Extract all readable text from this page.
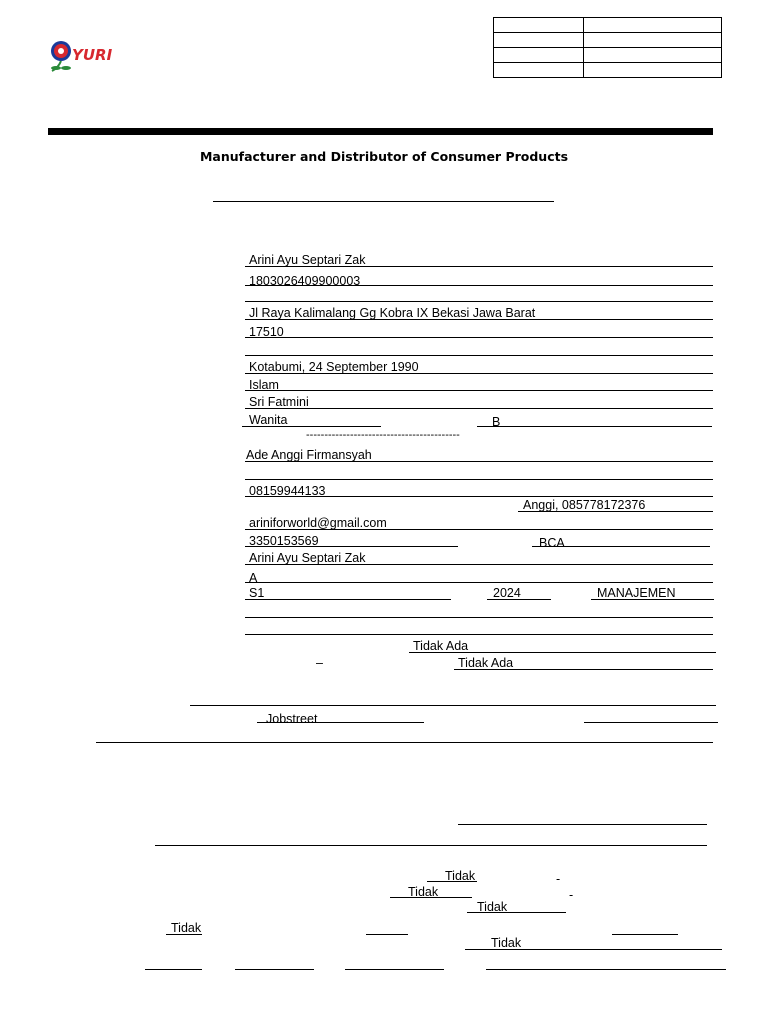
YURI

Manufacturer and Distributor of Consumer Products
Arini Ayu Septari Zak
1803026409900003
Jl Raya Kalimalang Gg Kobra IX Bekasi Jawa Barat
17510
Kotabumi, 24 September 1990
Islam
Sri Fatmini
Wanita	B
------------------------------------------
Ade Anggi Firmansyah
08159944133
Anggi, 085778172376
ariniforworld@gmail.com
3350153569	BCA
Arini Ayu Septari Zak
A
S1	2024	MANAJEMEN
Tidak Ada
–	Tidak Ada
Jobstreet
Tidak	-
Tidak	-
Tidak
Tidak
Tidak
